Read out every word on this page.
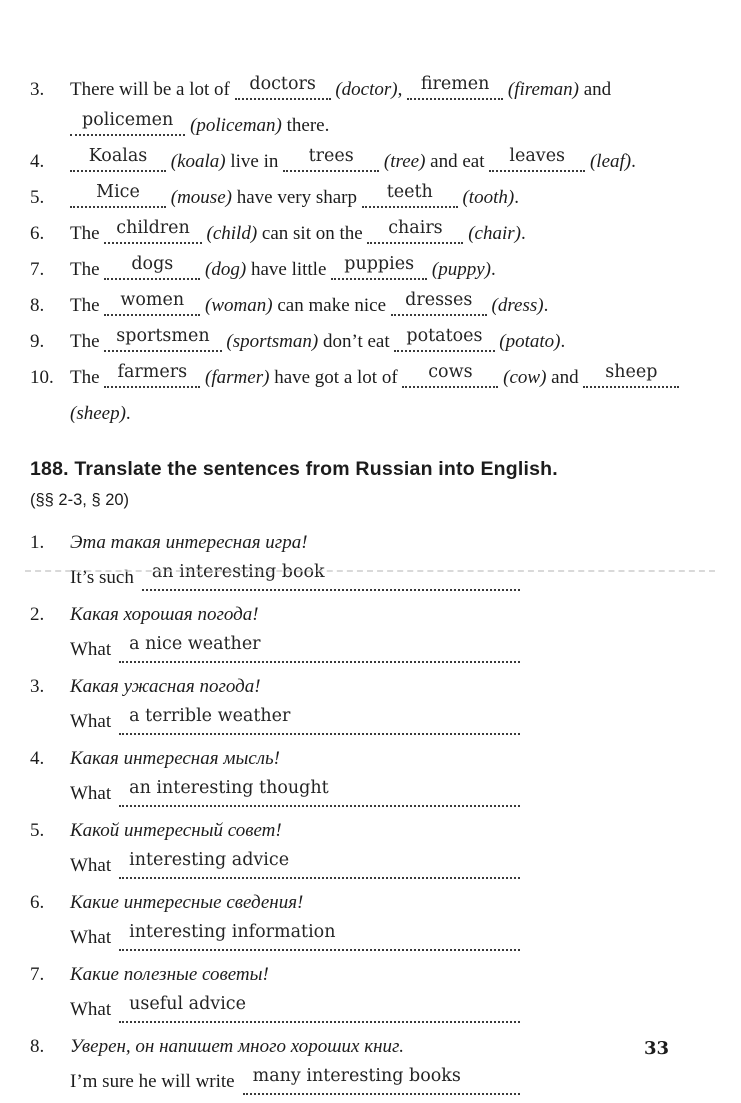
3.	There will be a lot of doctors (doctor), firemen (fireman) and policemen (policeman) there.
4.	Koalas (koala) live in trees (tree) and eat leaves (leaf).
5.	Mice (mouse) have very sharp teeth (tooth).
6.	The children (child) can sit on the chairs (chair).
7.	The dogs (dog) have little puppies (puppy).
8.	The women (woman) can make nice dresses (dress).
9.	The sportsmen (sportsman) don’t eat potatoes (potato).
10. The farmers (farmer) have got a lot of cows (cow) and sheep (sheep).
188. Translate the sentences from Russian into English.
(§§ 2-3, § 20)
1.	Эта такая интересная игра!
It’s such	an interesting book
2.	Какая хорошая погода!
What	a nice weather
3.	Какая ужасная погода!
What	a terrible weather
4.	Какая интересная мысль!
What	an interesting thought
5.	Какой интересный совет!
What	interesting advice
6.	Какие интересные сведения!
What	interesting information
7.	Какие полезные советы!
What	useful advice
8.	Уверен, он напишет много хороших книг.
I’m sure he will write	many interesting books
33
